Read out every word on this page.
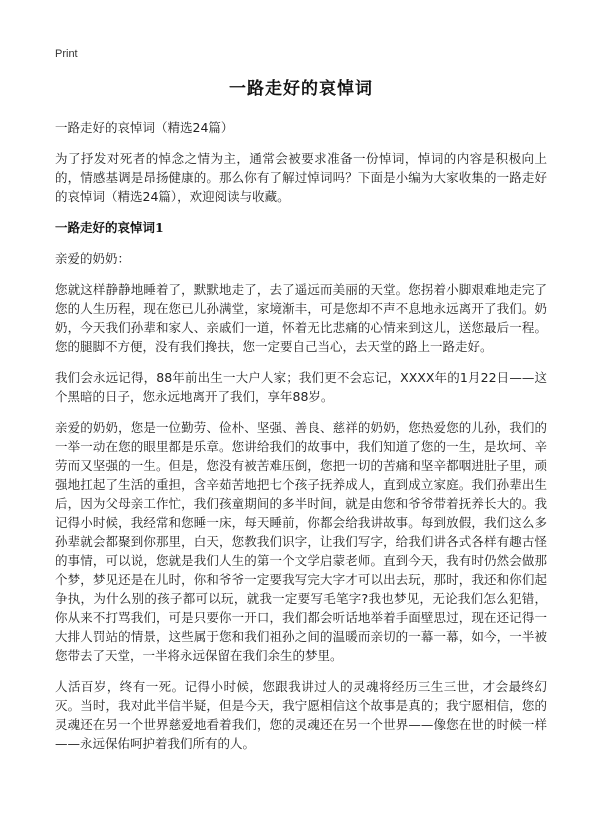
Print
一路走好的哀悼词

一路走好的哀悼词（精选24篇）

为了抒发对死者的悼念之情为主，通常会被要求准备一份悼词，悼词的内容是积极向上的，情感基调是昂扬健康的。那么你有了解过悼词吗？下面是小编为大家收集的一路走好的哀悼词（精选24篇），欢迎阅读与收藏。

一路走好的哀悼词1

亲爱的奶奶：

您就这样静静地睡着了，默默地走了，去了遥远而美丽的天堂。您拐着小脚艰难地走完了您的人生历程，现在您已儿孙满堂，家境渐丰，可是您却不声不息地永远离开了我们。奶奶，今天我们孙辈和家人、亲戚们一道，怀着无比悲痛的心情来到这儿，送您最后一程。您的腿脚不方便，没有我们搀扶，您一定要自己当心，去天堂的路上一路走好。

我们会永远记得，88年前出生一大户人家；我们更不会忘记，XXXX年的1月22日——这个黑暗的日子，您永远地离开了我们，享年88岁。

亲爱的奶奶，您是一位勤劳、俭朴、坚强、善良、慈祥的奶奶，您热爱您的儿孙，我们的一举一动在您的眼里都是乐章。您讲给我们的故事中，我们知道了您的一生，是坎坷、辛劳而又坚强的一生。但是，您没有被苦难压倒，您把一切的苦痛和坚辛都咽进肚子里，顽强地扛起了生活的重担，含辛茹苦地把七个孩子抚养成人，直到成立家庭。我们孙辈出生后，因为父母亲工作忙，我们孩童期间的多半时间，就是由您和爷爷带着抚养长大的。我记得小时候，我经常和您睡一床，每天睡前，你都会给我讲故事。每到放假，我们这么多孙辈就会都聚到你那里，白天，您教我们识字，让我们写字，给我们讲各式各样有趣古怪的事情，可以说，您就是我们人生的第一个文学启蒙老师。直到今天，我有时仍然会做那个梦，梦见还是在儿时，你和爷爷一定要我写完大字才可以出去玩，那时，我还和你们起争执，为什么别的孩子都可以玩，就我一定要写毛笔字?我也梦见，无论我们怎么犯错，你从来不打骂我们，可是只要你一开口，我们都会听话地举着手面壁思过，现在还记得一大排人罚站的情景，这些属于您和我们祖孙之间的温暖而亲切的一幕一幕，如今，一半被您带去了天堂，一半将永远保留在我们余生的梦里。

人活百岁，终有一死。记得小时候，您跟我讲过人的灵魂将经历三生三世，才会最终幻灭。当时，我对此半信半疑，但是今天，我宁愿相信这个故事是真的；我宁愿相信，您的灵魂还在另一个世界慈爱地看着我们，您的灵魂还在另一个世界——像您在世的时候一样——永远保佑呵护着我们所有的人。
